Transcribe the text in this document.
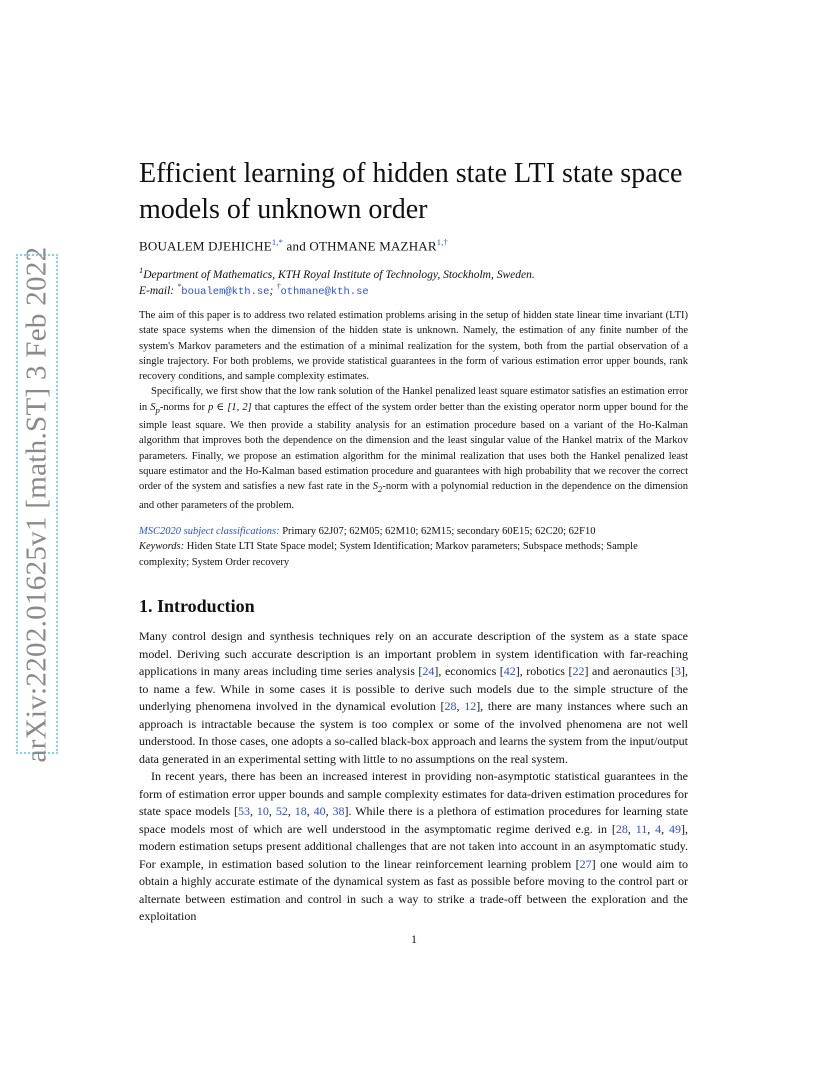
arXiv:2202.01625v1 [math.ST] 3 Feb 2022
Efficient learning of hidden state LTI state space models of unknown order
BOUALEM $DJEHICHE^{1,*}$ and OTHMANE $MAZHAR^{1,\dagger}$
$^1$Department of Mathematics, KTH Royal Institute of Technology, Stockholm, Sweden.
E-mail: *boualem@kth.se; †othmane@kth.se

The aim of this paper is to address two related estimation problems arising in the setup of hidden state linear time invariant (LTI) state space systems when the dimension of the hidden state is unknown. Namely, the estimation of any finite number of the system's Markov parameters and the estimation of a minimal realization for the system, both from the partial observation of a single trajectory. For both problems, we provide statistical guarantees in the form of various estimation error upper bounds, rank recovery conditions, and sample complexity estimates.

Specifically, we first show that the low rank solution of the Hankel penalized least square estimator satisfies an estimation error in $S_p$-norms for p ∈ [1, 2] that captures the effect of the system order better than the existing operator norm upper bound for the simple least square. We then provide a stability analysis for an estimation procedure based on a variant of the Ho-Kalman algorithm that improves both the dependence on the dimension and the least singular value of the Hankel matrix of the Markov parameters. Finally, we propose an estimation algorithm for the minimal realization that uses both the Hankel penalized least square estimator and the Ho-Kalman based estimation procedure and guarantees with high probability that we recover the correct order of the system and satisfies a new fast rate in the $S_2$-norm with a polynomial reduction in the dependence on the dimension and other parameters of the problem.

MSC2020 subject classifications: Primary 62J07; 62M05; 62M10; 62M15; secondary 60E15; 62C20; 62F10

Keywords: Hiden State LTI State Space model; System Identification; Markov parameters; Subspace methods; Sample complexity; System Order recovery

1. Introduction

Many control design and synthesis techniques rely on an accurate description of the system as a state space model. Deriving such accurate description is an important problem in system identification with far-reaching applications in many areas including time series analysis [24], economics [42], robotics [22] and aeronautics [3], to name a few. While in some cases it is possible to derive such models due to the simple structure of the underlying phenomena involved in the dynamical evolution [28, 12], there are many instances where such an approach is intractable because the system is too complex or some of the involved phenomena are not well understood. In those cases, one adopts a so-called black-box approach and learns the system from the input/output data generated in an experimental setting with little to no assumptions on the real system.

In recent years, there has been an increased interest in providing non-asymptotic statistical guarantees in the form of estimation error upper bounds and sample complexity estimates for data-driven estimation procedures for state space models [53, 10, 52, 18, 40, 38]. While there is a plethora of estimation procedures for learning state space models most of which are well understood in the asymptomatic regime derived e.g. in [28, 11, 4, 49], modern estimation setups present additional challenges that are not taken into account in an asymptomatic study. For example, in estimation based solution to the linear reinforcement learning problem [27] one would aim to obtain a highly accurate estimate of the dynamical system as fast as possible before moving to the control part or alternate between estimation and control in such a way to strike a trade-off between the exploration and the exploitation

1
